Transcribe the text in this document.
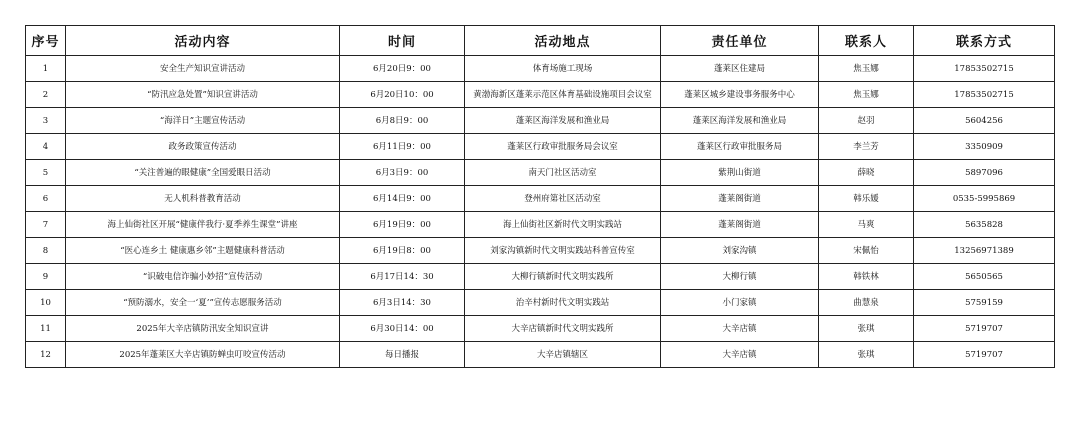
序号	活动内容	时间	活动地点	责任单位	联系人	联系方式
1	安全生产知识宣讲活动	6月20日9：00	体育场施工现场	蓬莱区住建局	焦玉娜	17853502715
2	“防汛应急处置”知识宣讲活动	6月20日10：00	黄渤海新区蓬莱示范区体育基础设施项目会议室	蓬莱区城乡建设事务服务中心	焦玉娜	17853502715
3	“海洋日”主题宣传活动	6月8日9：00	蓬莱区海洋发展和渔业局	蓬莱区海洋发展和渔业局	赵羽	5604256
4	政务政策宣传活动	6月11日9：00	蓬莱区行政审批服务局会议室	蓬莱区行政审批服务局	李兰芳	3350909
5	“关注普遍的眼健康”全国爱眼日活动	6月3日9：00	南天门社区活动室	紫荆山街道	薛晓	5897096
6	无人机科普教育活动	6月14日9：00	登州府第社区活动室	蓬莱阁街道	韩乐媛	0535-5995869
7	海上仙街社区开展“健康伴我行·夏季养生课堂”讲座	6月19日9：00	海上仙街社区新时代文明实践站	蓬莱阁街道	马爽	5635828
8	“医心连乡土 健康惠乡邻”主题健康科普活动	6月19日8：00	刘家沟镇新时代文明实践站科普宣传室	刘家沟镇	宋佩怡	13256971389
9	“识破电信诈骗小妙招”宣传活动	6月17日14：30	大柳行镇新时代文明实践所	大柳行镇	韩铁林	5650565
10	“预防溺水，安全一‘夏’”宣传志愿服务活动	6月3日14：30	治辛村新时代文明实践站	小门家镇	曲慧泉	5759159
11	2025年大辛店镇防汛安全知识宣讲	6月30日14：00	大辛店镇新时代文明实践所	大辛店镇	张琪	5719707
12	2025年蓬莱区大辛店镇防蝉虫叮咬宣传活动	每日播报	大辛店镇辖区	大辛店镇	张琪	5719707
